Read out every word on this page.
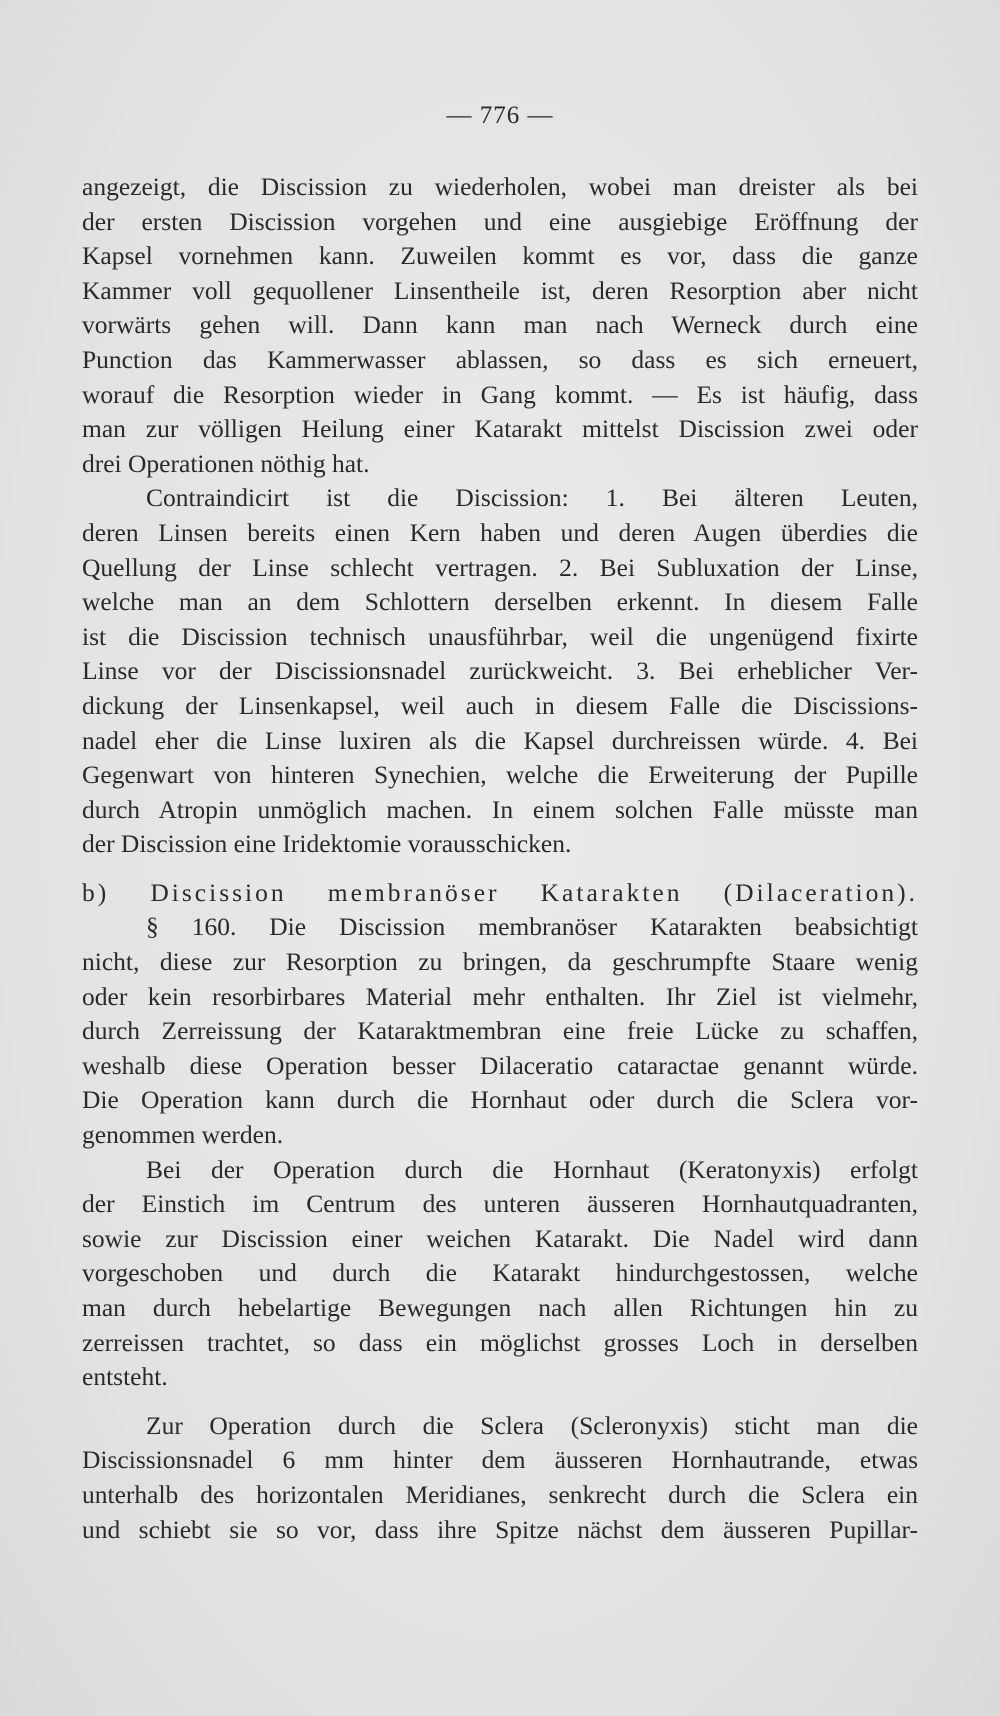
— 776 —
angezeigt, die Discission zu wiederholen, wobei man dreister als bei
der ersten Discission vorgehen und eine ausgiebige Eröffnung der
Kapsel vornehmen kann. Zuweilen kommt es vor, dass die ganze
Kammer voll gequollener Linsentheile ist, deren Resorption aber nicht
vorwärts gehen will. Dann kann man nach Werneck durch eine
Punction das Kammerwasser ablassen, so dass es sich erneuert,
worauf die Resorption wieder in Gang kommt. — Es ist häufig, dass
man zur völligen Heilung einer Katarakt mittelst Discission zwei oder
drei Operationen nöthig hat.
Contraindicirt ist die Discission: 1. Bei älteren Leuten,
deren Linsen bereits einen Kern haben und deren Augen überdies die
Quellung der Linse schlecht vertragen. 2. Bei Subluxation der Linse,
welche man an dem Schlottern derselben erkennt. In diesem Falle
ist die Discission technisch unausführbar, weil die ungenügend fixirte
Linse vor der Discissionsnadel zurückweicht. 3. Bei erheblicher Ver-
dickung der Linsenkapsel, weil auch in diesem Falle die Discissions-
nadel eher die Linse luxiren als die Kapsel durchreissen würde. 4. Bei
Gegenwart von hinteren Synechien, welche die Erweiterung der Pupille
durch Atropin unmöglich machen. In einem solchen Falle müsste man
der Discission eine Iridektomie vorausschicken.
b) Discission membranöser Katarakten (Dilaceration).
§ 160. Die Discission membranöser Katarakten beabsichtigt
nicht, diese zur Resorption zu bringen, da geschrumpfte Staare wenig
oder kein resorbirbares Material mehr enthalten. Ihr Ziel ist vielmehr,
durch Zerreissung der Kataraktmembran eine freie Lücke zu schaffen,
weshalb diese Operation besser Dilaceratio cataractae genannt würde.
Die Operation kann durch die Hornhaut oder durch die Sclera vor-
genommen werden.
Bei der Operation durch die Hornhaut (Keratonyxis) erfolgt
der Einstich im Centrum des unteren äusseren Hornhautquadranten,
sowie zur Discission einer weichen Katarakt. Die Nadel wird dann
vorgeschoben und durch die Katarakt hindurchgestossen, welche
man durch hebelartige Bewegungen nach allen Richtungen hin zu
zerreissen trachtet, so dass ein möglichst grosses Loch in derselben
entsteht.
Zur Operation durch die Sclera (Scleronyxis) sticht man die
Discissionsnadel 6 mm hinter dem äusseren Hornhautrande, etwas
unterhalb des horizontalen Meridianes, senkrecht durch die Sclera ein
und schiebt sie so vor, dass ihre Spitze nächst dem äusseren Pupillar-
